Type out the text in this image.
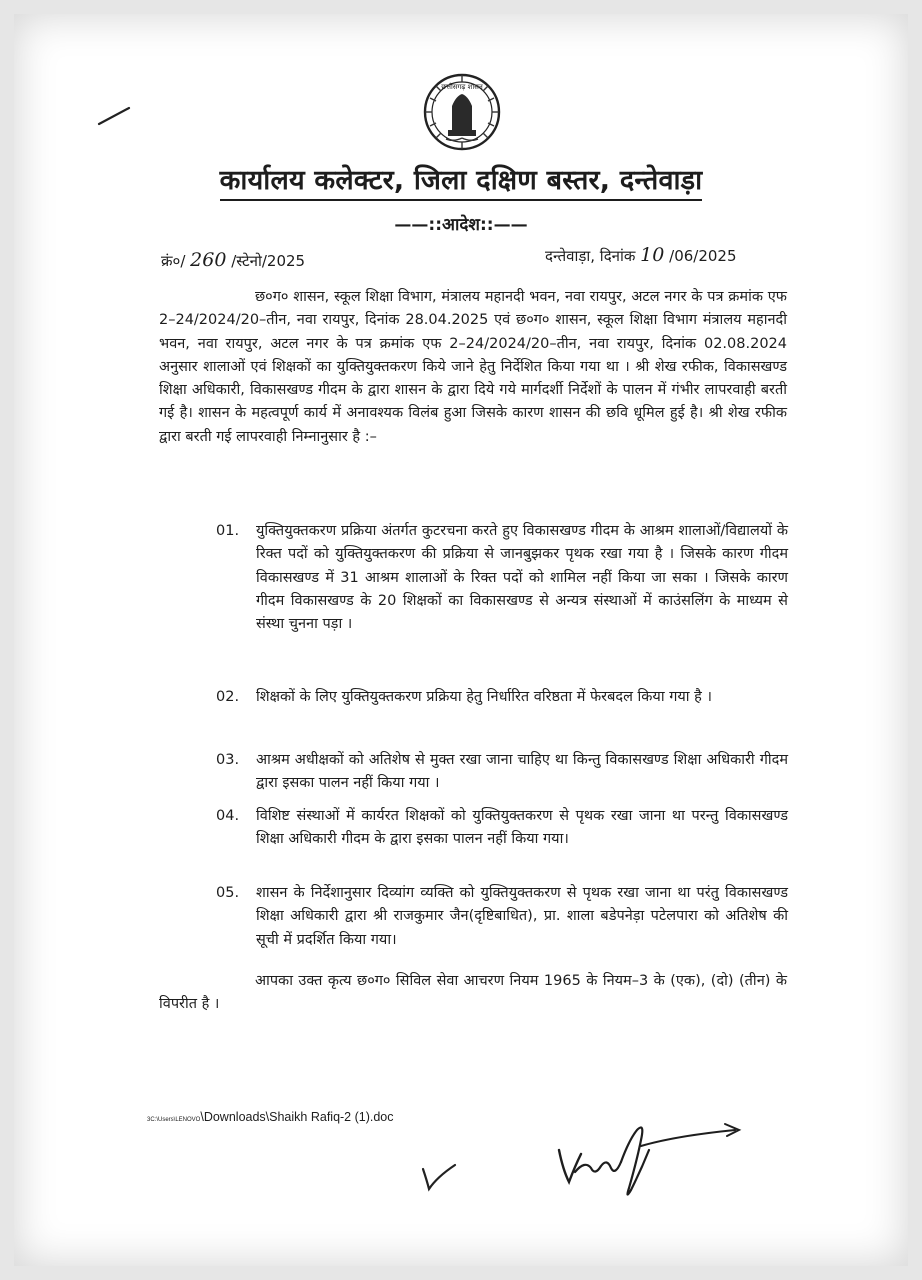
छत्तीसगढ़ शासन
कार्यालय कलेक्टर, जिला दक्षिण बस्तर, दन्तेवाड़ा
——::आदेश::——
क्रं०/ 260 /स्टेनो/2025	दन्तेवाड़ा, दिनांक 10 /06/2025
छ०ग० शासन, स्कूल शिक्षा विभाग, मंत्रालय महानदी भवन, नवा रायपुर, अटल नगर के पत्र क्रमांक एफ 2–24/2024/20–तीन, नवा रायपुर, दिनांक 28.04.2025 एवं छ०ग० शासन, स्कूल शिक्षा विभाग मंत्रालय महानदी भवन, नवा रायपुर, अटल नगर के पत्र क्रमांक एफ 2–24/2024/20–तीन, नवा रायपुर, दिनांक 02.08.2024 अनुसार शालाओं एवं शिक्षकों का युक्तियुक्तकरण किये जाने हेतु निर्देशित किया गया था । श्री शेख रफीक, विकासखण्ड शिक्षा अधिकारी, विकासखण्ड गीदम के द्वारा शासन के द्वारा दिये गये मार्गदर्शी निर्देशों के पालन में गंभीर लापरवाही बरती गई है। शासन के महत्वपूर्ण कार्य में अनावश्यक विलंब हुआ जिसके कारण शासन की छवि धूमिल हुई है। श्री शेख रफीक द्वारा बरती गई लापरवाही निम्नानुसार है :–
01. युक्तियुक्तकरण प्रक्रिया अंतर्गत कुटरचना करते हुए विकासखण्ड गीदम के आश्रम शालाओं/विद्यालयों के रिक्त पदों को युक्तियुक्तकरण की प्रक्रिया से जानबुझकर पृथक रखा गया है । जिसके कारण गीदम विकासखण्ड में 31 आश्रम शालाओं के रिक्त पदों को शामिल नहीं किया जा सका । जिसके कारण गीदम विकासखण्ड के 20 शिक्षकों का विकासखण्ड से अन्यत्र संस्थाओं में काउंसलिंग के माध्यम से संस्था चुनना पड़ा ।
02. शिक्षकों के लिए युक्तियुक्तकरण प्रक्रिया हेतु निर्धारित वरिष्ठता में फेरबदल किया गया है ।
03. आश्रम अधीक्षकों को अतिशेष से मुक्त रखा जाना चाहिए था किन्तु विकासखण्ड शिक्षा अधिकारी गीदम द्वारा इसका पालन नहीं किया गया ।
04. विशिष्ट संस्थाओं में कार्यरत शिक्षकों को युक्तियुक्तकरण से पृथक रखा जाना था परन्तु विकासखण्ड शिक्षा अधिकारी गीदम के द्वारा इसका पालन नहीं किया गया।
05. शासन के निर्देशानुसार दिव्यांग व्यक्ति को युक्तियुक्तकरण से पृथक रखा जाना था परंतु विकासखण्ड शिक्षा अधिकारी द्वारा श्री राजकुमार जैन(दृष्टिबाधित), प्रा. शाला बडेपनेड़ा पटेलपारा को अतिशेष की सूची में प्रदर्शित किया गया।
आपका उक्त कृत्य छ०ग० सिविल सेवा आचरण नियम 1965 के नियम–3 के (एक), (दो) (तीन) के विपरीत है ।
3C:\Users\LENOVO\Downloads\Shaikh Rafiq-2 (1).doc
